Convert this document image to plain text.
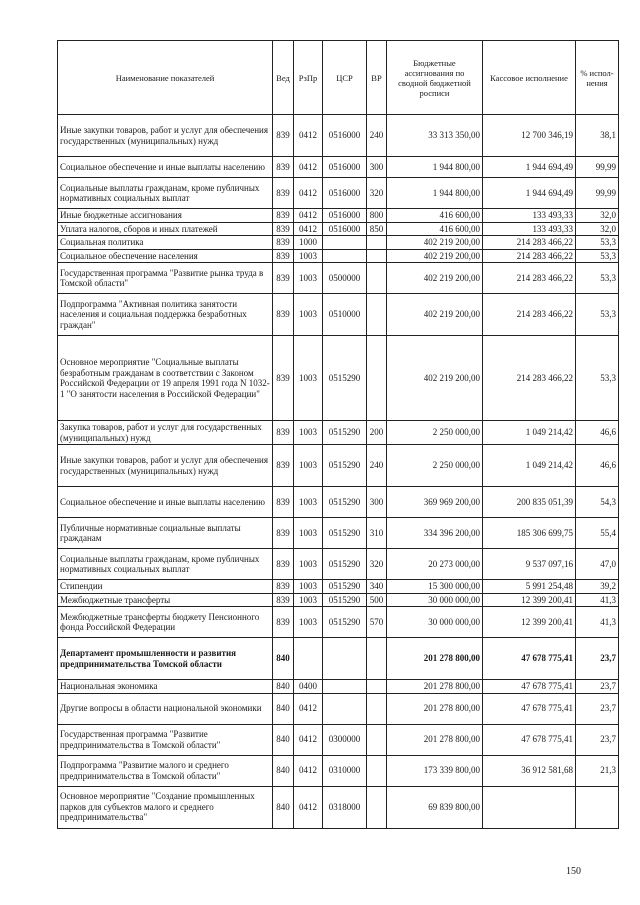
Наименование показателей	Вед	РзПр	ЦСР	ВР	Бюджетные ассигнования по сводной бюджетной росписи	Кассовое исполнение	% испол-нения
Иные закупки товаров, работ и услуг для обеспечения государственных (муниципальных) нужд	839	0412	0516000	240	33 313 350,00	12 700 346,19	38,1
Социальное обеспечение и иные выплаты населению	839	0412	0516000	300	1 944 800,00	1 944 694,49	99,99
Социальные выплаты гражданам, кроме публичных нормативных социальных выплат	839	0412	0516000	320	1 944 800,00	1 944 694,49	99,99
Иные бюджетные ассигнования	839	0412	0516000	800	416 600,00	133 493,33	32,0
Уплата налогов, сборов и иных платежей	839	0412	0516000	850	416 600,00	133 493,33	32,0
Социальная политика	839	1000			402 219 200,00	214 283 466,22	53,3
Социальное обеспечение населения	839	1003			402 219 200,00	214 283 466,22	53,3
Государственная программа "Развитие рынка труда в Томской области"	839	1003	0500000		402 219 200,00	214 283 466,22	53,3
Подпрограмма "Активная политика занятости населения и социальная поддержка безработных граждан"	839	1003	0510000		402 219 200,00	214 283 466,22	53,3
Основное мероприятие "Социальные выплаты безработным гражданам в соответствии с Законом Российской Федерации от 19 апреля 1991 года N 1032-1 "О занятости населения в Российской Федерации"	839	1003	0515290		402 219 200,00	214 283 466,22	53,3
Закупка товаров, работ и услуг для государственных (муниципальных) нужд	839	1003	0515290	200	2 250 000,00	1 049 214,42	46,6
Иные закупки товаров, работ и услуг для обеспечения государственных (муниципальных) нужд	839	1003	0515290	240	2 250 000,00	1 049 214,42	46,6
Социальное обеспечение и иные выплаты населению	839	1003	0515290	300	369 969 200,00	200 835 051,39	54,3
Публичные нормативные социальные выплаты гражданам	839	1003	0515290	310	334 396 200,00	185 306 699,75	55,4
Социальные выплаты гражданам, кроме публичных нормативных социальных выплат	839	1003	0515290	320	20 273 000,00	9 537 097,16	47,0
Стипендии	839	1003	0515290	340	15 300 000,00	5 991 254,48	39,2
Межбюджетные трансферты	839	1003	0515290	500	30 000 000,00	12 399 200,41	41,3
Межбюджетные трансферты бюджету Пенсионного фонда Российской Федерации	839	1003	0515290	570	30 000 000,00	12 399 200,41	41,3
Департамент промышленности и развития предпринимательства Томской области	840				201 278 800,00	47 678 775,41	23,7
Национальная экономика	840	0400			201 278 800,00	47 678 775,41	23,7
Другие вопросы в области национальной экономики	840	0412			201 278 800,00	47 678 775,41	23,7
Государственная программа "Развитие предпринимательства в Томской области"	840	0412	0300000		201 278 800,00	47 678 775,41	23,7
Подпрограмма "Развитие малого и среднего предпринимательства в Томской области"	840	0412	0310000		173 339 800,00	36 912 581,68	21,3
Основное мероприятие "Создание промышленных парков для субъектов малого и среднего предпринимательства"	840	0412	0318000		69 839 800,00		
150
